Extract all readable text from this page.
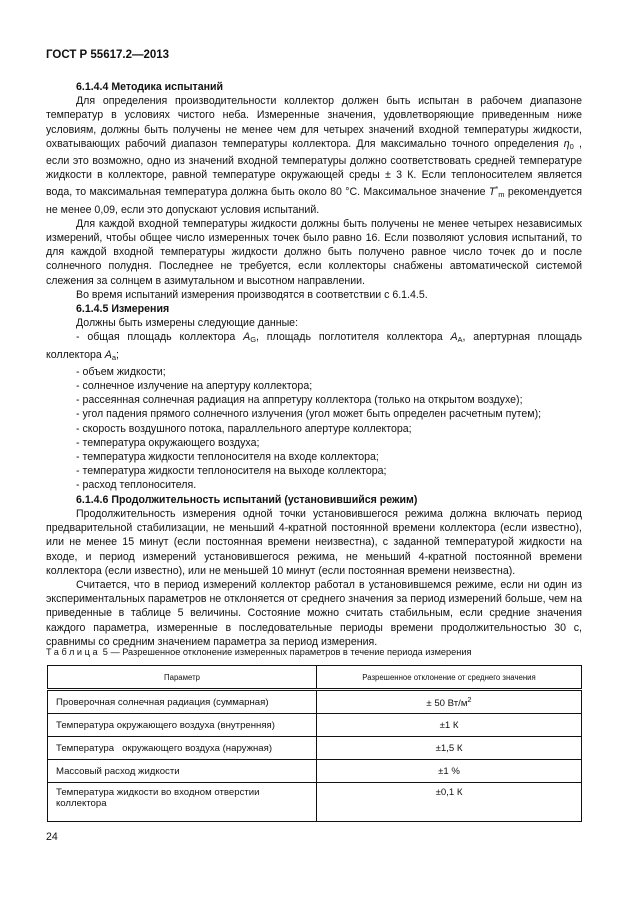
ГОСТ Р 55617.2—2013

6.1.4.4 Методика испытаний

Для определения производительности коллектор должен быть испытан в рабочем диапазоне температур в условиях чистого неба. Измеренные значения, удовлетворяющие приведенным ниже условиям, должны быть получены не менее чем для четырех значений входной температуры жидкости, охватывающих рабочий диапазон температуры коллектора. Для максимально точного определения $\eta_0$ , если это возможно, одно из значений входной температуры должно соответствовать средней температуре жидкости в коллекторе, равной температуре окружающей среды ± 3 К. Если теплоносителем является вода, то максимальная температура должна быть около 80 °С. Максимальное значение $T^*_m$ рекомендуется не менее 0,09, если это допускают условия испытаний.

Для каждой входной температуры жидкости должны быть получены не менее четырех независимых измерений, чтобы общее число измеренных точек было равно 16. Если позволяют условия испытаний, то для каждой входной температуры жидкости должно быть получено равное число точек до и после солнечного полудня. Последнее не требуется, если коллекторы снабжены автоматической системой слежения за солнцем в азимутальном и высотном направлении.

Во время испытаний измерения производятся в соответствии с 6.1.4.5.

6.1.4.5 Измерения

Должны быть измерены следующие данные:

- общая площадь коллектора $A_G$, площадь поглотителя коллектора $A_A$, апертурная площадь коллектора $A_a$;

- объем жидкости;

- солнечное излучение на апертуру коллектора;

- рассеянная солнечная радиация на аппретуру коллектора (только на открытом воздухе);

- угол падения прямого солнечного излучения (угол может быть определен расчетным путем);

- скорость воздушного потока, параллельного апертуре коллектора;

- температура окружающего воздуха;

- температура жидкости теплоносителя на входе коллектора;

- температура жидкости теплоносителя на выходе коллектора;

- расход теплоносителя.

6.1.4.6 Продолжительность испытаний (установившийся режим)

Продолжительность измерения одной точки установившегося режима должна включать период предварительной стабилизации, не меньший 4-кратной постоянной времени коллектора (если известно), или не менее 15 минут (если постоянная времени неизвестна), с заданной температурой жидкости на входе, и период измерений установившегося режима, не меньший 4-кратной постоянной времени коллектора (если известно), или не меньшей 10 минут (если постоянная времени неизвестна).

Считается, что в период измерений коллектор работал в установившемся режиме, если ни один из экспериментальных параметров не отклоняется от среднего значения за период измерений больше, чем на приведенные в таблице 5 величины. Состояние можно считать стабильным, если средние значения каждого параметра, измеренные в последовательные периоды времени продолжительностью 30 с, сравнимы со средним значением параметра за период измерения.

Таблица 5 — Разрешенное отклонение измеренных параметров в течение периода измерения
Параметр	Разрешенное отклонение от среднего значения
Проверочная солнечная радиация (суммарная)	± 50 $Вт/м^2$
Температура окружающего воздуха (внутренняя)	±1 К
Температура   окружающего воздуха (наружная)	±1,5 К
Массовый расход жидкости	±1 %
Температура жидкости во входном отверстии коллектора	±0,1 К
24
